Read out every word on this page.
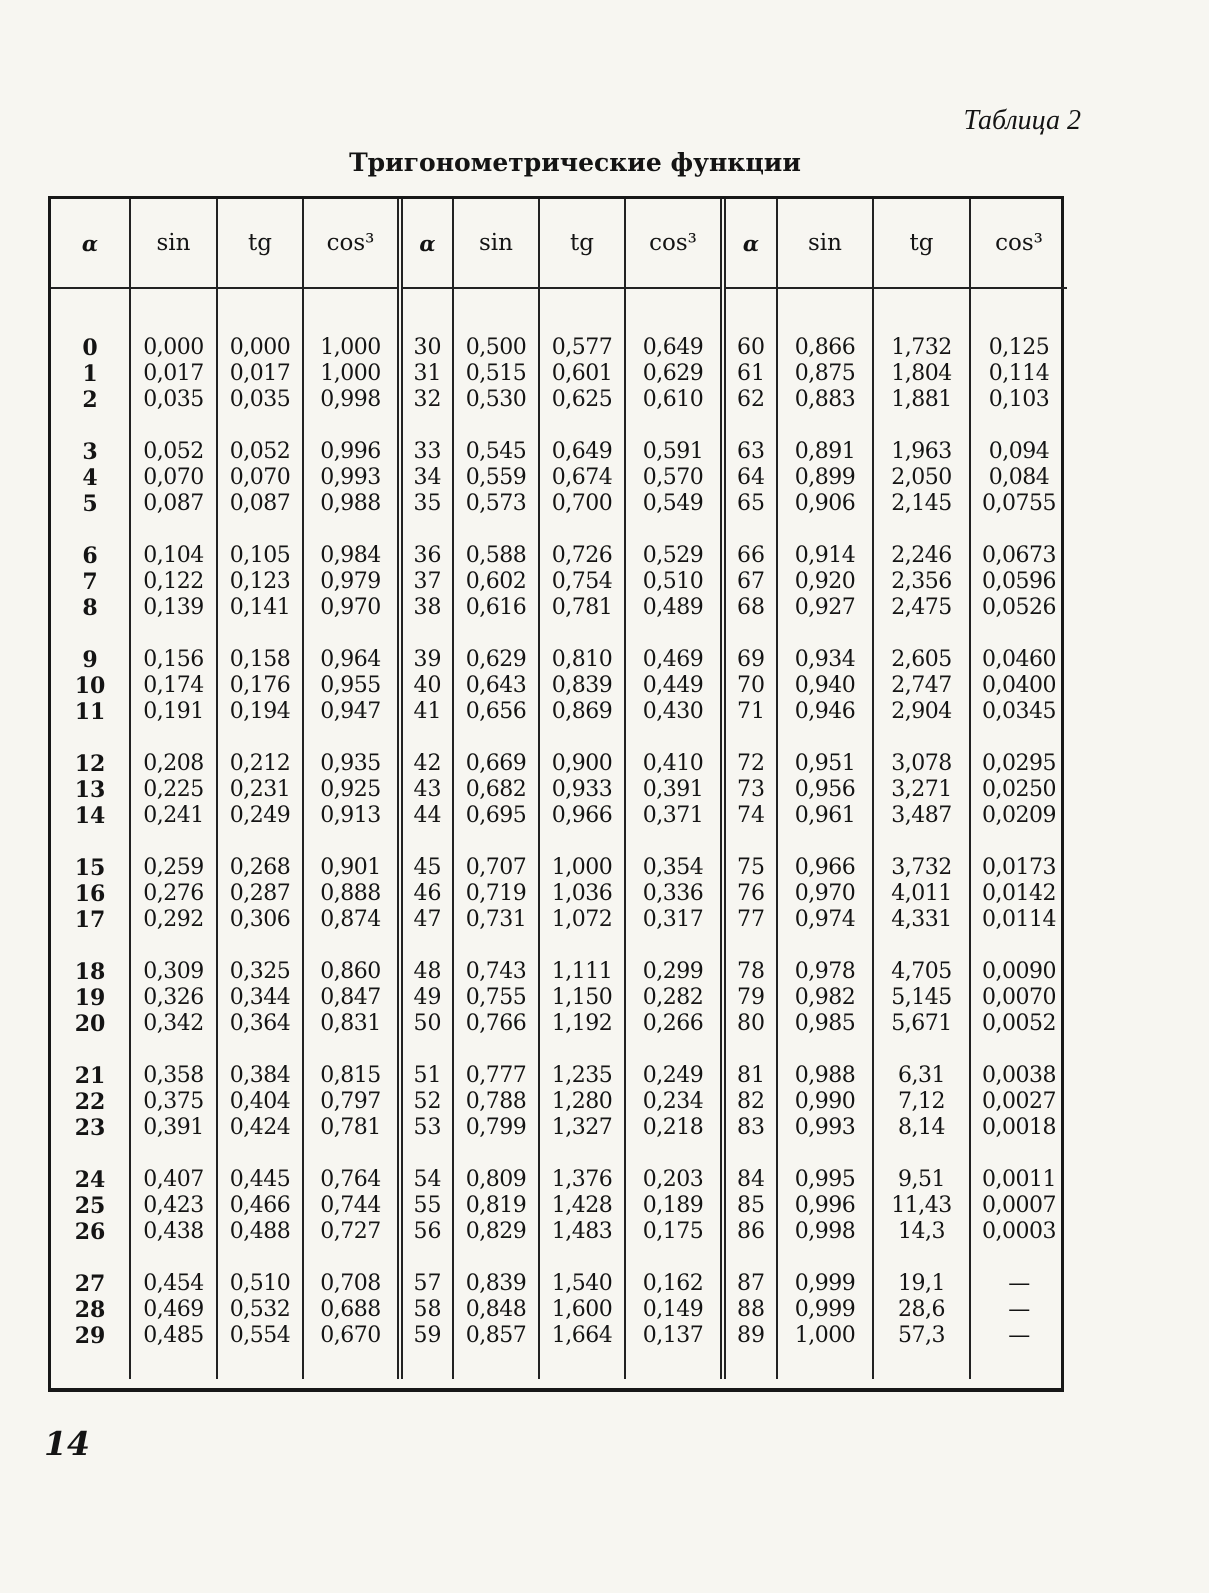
Таблица 2
Тригонометрические функции
α	sin	tg	cos³	α	sin	tg	cos³	α	sin	tg	cos³
0	0,000	0,000	1,000	30	0,500	0,577	0,649	60	0,866	1,732	0,125
1	0,017	0,017	1,000	31	0,515	0,601	0,629	61	0,875	1,804	0,114
2	0,035	0,035	0,998	32	0,530	0,625	0,610	62	0,883	1,881	0,103
3	0,052	0,052	0,996	33	0,545	0,649	0,591	63	0,891	1,963	0,094
4	0,070	0,070	0,993	34	0,559	0,674	0,570	64	0,899	2,050	0,084
5	0,087	0,087	0,988	35	0,573	0,700	0,549	65	0,906	2,145	0,0755
6	0,104	0,105	0,984	36	0,588	0,726	0,529	66	0,914	2,246	0,0673
7	0,122	0,123	0,979	37	0,602	0,754	0,510	67	0,920	2,356	0,0596
8	0,139	0,141	0,970	38	0,616	0,781	0,489	68	0,927	2,475	0,0526
9	0,156	0,158	0,964	39	0,629	0,810	0,469	69	0,934	2,605	0,0460
10	0,174	0,176	0,955	40	0,643	0,839	0,449	70	0,940	2,747	0,0400
11	0,191	0,194	0,947	41	0,656	0,869	0,430	71	0,946	2,904	0,0345
12	0,208	0,212	0,935	42	0,669	0,900	0,410	72	0,951	3,078	0,0295
13	0,225	0,231	0,925	43	0,682	0,933	0,391	73	0,956	3,271	0,0250
14	0,241	0,249	0,913	44	0,695	0,966	0,371	74	0,961	3,487	0,0209
15	0,259	0,268	0,901	45	0,707	1,000	0,354	75	0,966	3,732	0,0173
16	0,276	0,287	0,888	46	0,719	1,036	0,336	76	0,970	4,011	0,0142
17	0,292	0,306	0,874	47	0,731	1,072	0,317	77	0,974	4,331	0,0114
18	0,309	0,325	0,860	48	0,743	1,111	0,299	78	0,978	4,705	0,0090
19	0,326	0,344	0,847	49	0,755	1,150	0,282	79	0,982	5,145	0,0070
20	0,342	0,364	0,831	50	0,766	1,192	0,266	80	0,985	5,671	0,0052
21	0,358	0,384	0,815	51	0,777	1,235	0,249	81	0,988	6,31	0,0038
22	0,375	0,404	0,797	52	0,788	1,280	0,234	82	0,990	7,12	0,0027
23	0,391	0,424	0,781	53	0,799	1,327	0,218	83	0,993	8,14	0,0018
24	0,407	0,445	0,764	54	0,809	1,376	0,203	84	0,995	9,51	0,0011
25	0,423	0,466	0,744	55	0,819	1,428	0,189	85	0,996	11,43	0,0007
26	0,438	0,488	0,727	56	0,829	1,483	0,175	86	0,998	14,3	0,0003
27	0,454	0,510	0,708	57	0,839	1,540	0,162	87	0,999	19,1	—
28	0,469	0,532	0,688	58	0,848	1,600	0,149	88	0,999	28,6	—
29	0,485	0,554	0,670	59	0,857	1,664	0,137	89	1,000	57,3	—
14
